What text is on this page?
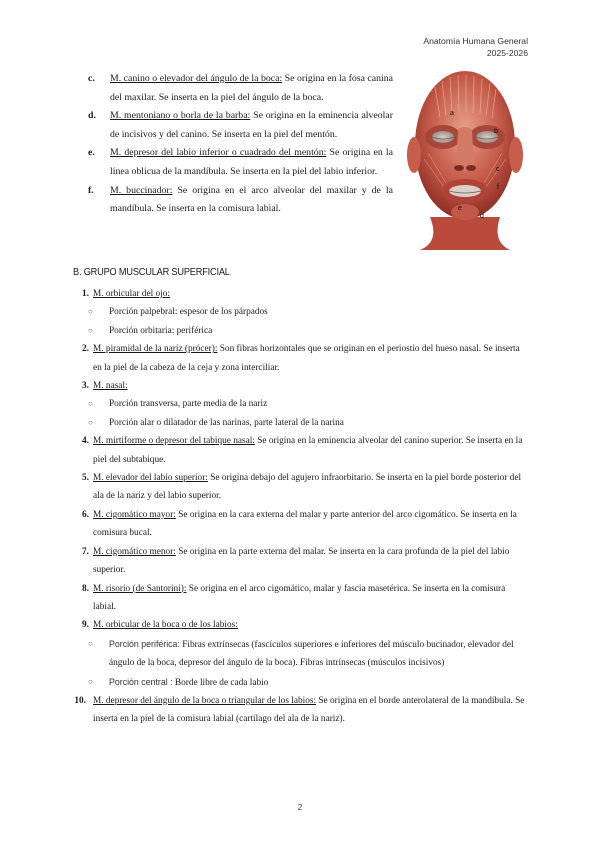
Anatomía Humana General
2025-2026
c. M. canino o elevador del ángulo de la boca: Se origina en la fosa canina del maxilar. Se inserta en la piel del ángulo de la boca.
d. M. mentoniano o borla de la barba: Se origina en la eminencia alveolar de incisivos y del canino. Se inserta en la piel del mentón.
e. M. depresor del labio inferior o cuadrado del mentón: Se origina en la línea oblicua de la mandíbula. Se inserta en la piel del labio inferior.
f. M. buccinador: Se origina en el arco alveolar del maxilar y de la mandíbula. Se inserta en la comisura labial.
a
b
c
d
e
f
B. GRUPO MUSCULAR SUPERFICIAL
1. M. orbicular del ojo:
○ Porción palpebral: espesor de los párpados
○ Porción orbitaria: periférica
2. M. piramidal de la nariz (prócer): Son fibras horizontales que se originan en el periostio del hueso nasal. Se inserta en la piel de la cabeza de la ceja y zona interciliar.
3. M. nasal:
○ Porción transversa, parte media de la nariz
○ Porción alar o dilatador de las narinas, parte lateral de la narina
4. M. mirtiforme o depresor del tabique nasal: Se origina en la eminencia alveolar del canino superior. Se inserta en la piel del subtabique.
5. M. elevador del labio superior: Se origina debajo del agujero infraorbitario. Se inserta en la piel borde posterior del ala de la nariz y del labio superior.
6. M. cigomático mayor: Se origina en la cara externa del malar y parte anterior del arco cigomático. Se inserta en la comisura bucal.
7. M. cigomático menor: Se origina en la parte externa del malar. Se inserta en la cara profunda de la piel del labio superior.
8. M. risorio (de Santorini): Se origina en el arco cigomático, malar y fascia masetérica. Se inserta en la comisura labial.
9. M. orbicular de la boca o de los labios:
○ Porción periférica: Fibras extrínsecas (fascículos superiores e inferiores del músculo bucinador, elevador del ángulo de la boca, depresor del ángulo de la boca). Fibras intrínsecas (músculos incisivos)
○ Porción central : Borde libre de cada labio
10. M. depresor del ángulo de la boca o triangular de los labios: Se origina en el borde anterolateral de la mandíbula. Se inserta en la piel de la comisura labial (cartílago del ala de la nariz).
2
